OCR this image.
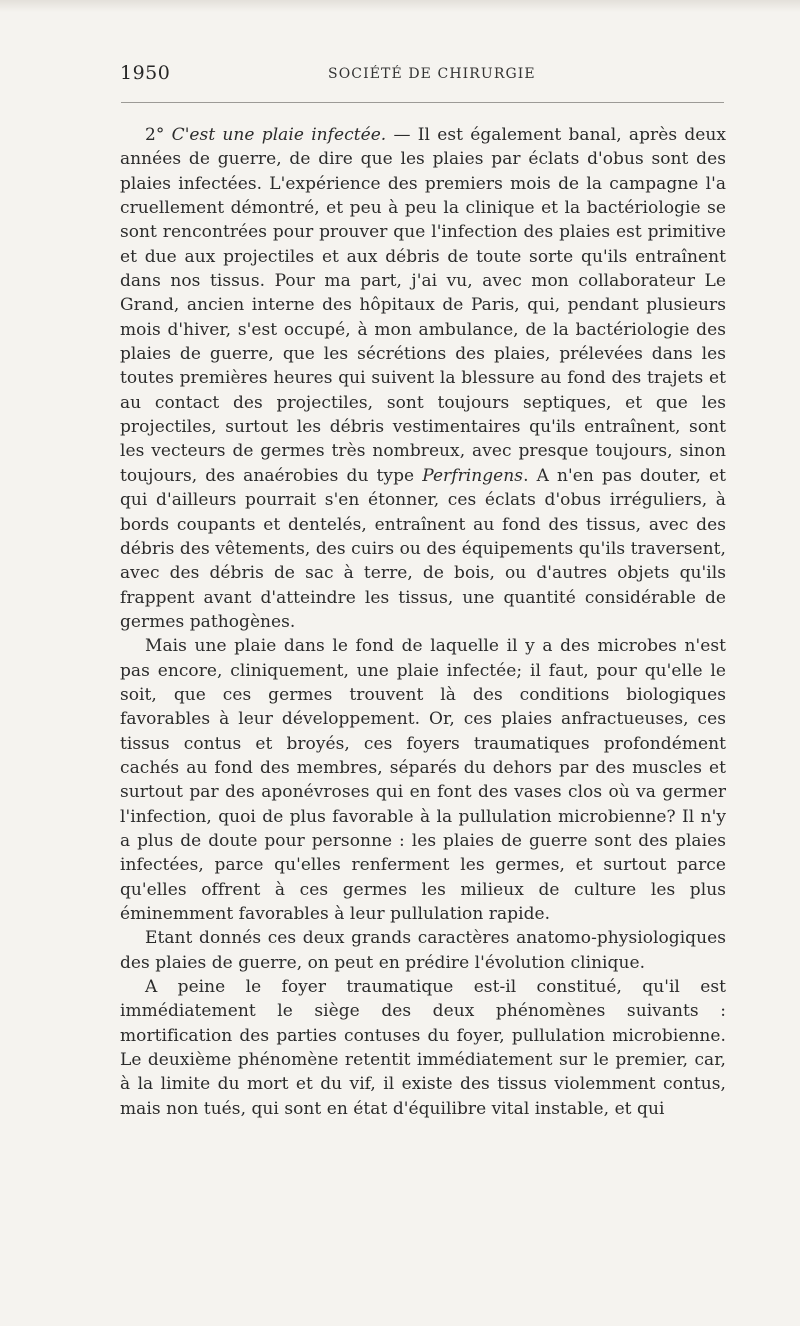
1950	SOCIÉTÉ DE CHIRURGIE

2° C'est une plaie infectée. — Il est également banal, après deux années de guerre, de dire que les plaies par éclats d'obus sont des plaies infectées. L'expérience des premiers mois de la campagne l'a cruellement démontré, et peu à peu la clinique et la bactériologie se sont rencontrées pour prouver que l'infection des plaies est primitive et due aux projectiles et aux débris de toute sorte qu'ils entraînent dans nos tissus. Pour ma part, j'ai vu, avec mon collaborateur Le Grand, ancien interne des hôpitaux de Paris, qui, pendant plusieurs mois d'hiver, s'est occupé, à mon ambulance, de la bactériologie des plaies de guerre, que les sécrétions des plaies, prélevées dans les toutes premières heures qui suivent la blessure au fond des trajets et au contact des projectiles, sont toujours septiques, et que les projectiles, surtout les débris vestimentaires qu'ils entraînent, sont les vecteurs de germes très nombreux, avec presque toujours, sinon toujours, des anaérobies du type Perfringens. A n'en pas douter, et qui d'ailleurs pourrait s'en étonner, ces éclats d'obus irréguliers, à bords coupants et dentelés, entraînent au fond des tissus, avec des débris des vêtements, des cuirs ou des équipements qu'ils traversent, avec des débris de sac à terre, de bois, ou d'autres objets qu'ils frappent avant d'atteindre les tissus, une quantité considérable de germes pathogènes.

Mais une plaie dans le fond de laquelle il y a des microbes n'est pas encore, cliniquement, une plaie infectée; il faut, pour qu'elle le soit, que ces germes trouvent là des conditions biologiques favorables à leur développement. Or, ces plaies anfractueuses, ces tissus contus et broyés, ces foyers traumatiques profondément cachés au fond des membres, séparés du dehors par des muscles et surtout par des aponévroses qui en font des vases clos où va germer l'infection, quoi de plus favorable à la pullulation microbienne? Il n'y a plus de doute pour personne : les plaies de guerre sont des plaies infectées, parce qu'elles renferment les germes, et surtout parce qu'elles offrent à ces germes les milieux de culture les plus éminemment favorables à leur pullulation rapide.

Etant donnés ces deux grands caractères anatomo-physiologiques des plaies de guerre, on peut en prédire l'évolution clinique.

A peine le foyer traumatique est-il constitué, qu'il est immédiatement le siège des deux phénomènes suivants : mortification des parties contuses du foyer, pullulation microbienne. Le deuxième phénomène retentit immédiatement sur le premier, car, à la limite du mort et du vif, il existe des tissus violemment contus, mais non tués, qui sont en état d'équilibre vital instable, et qui
